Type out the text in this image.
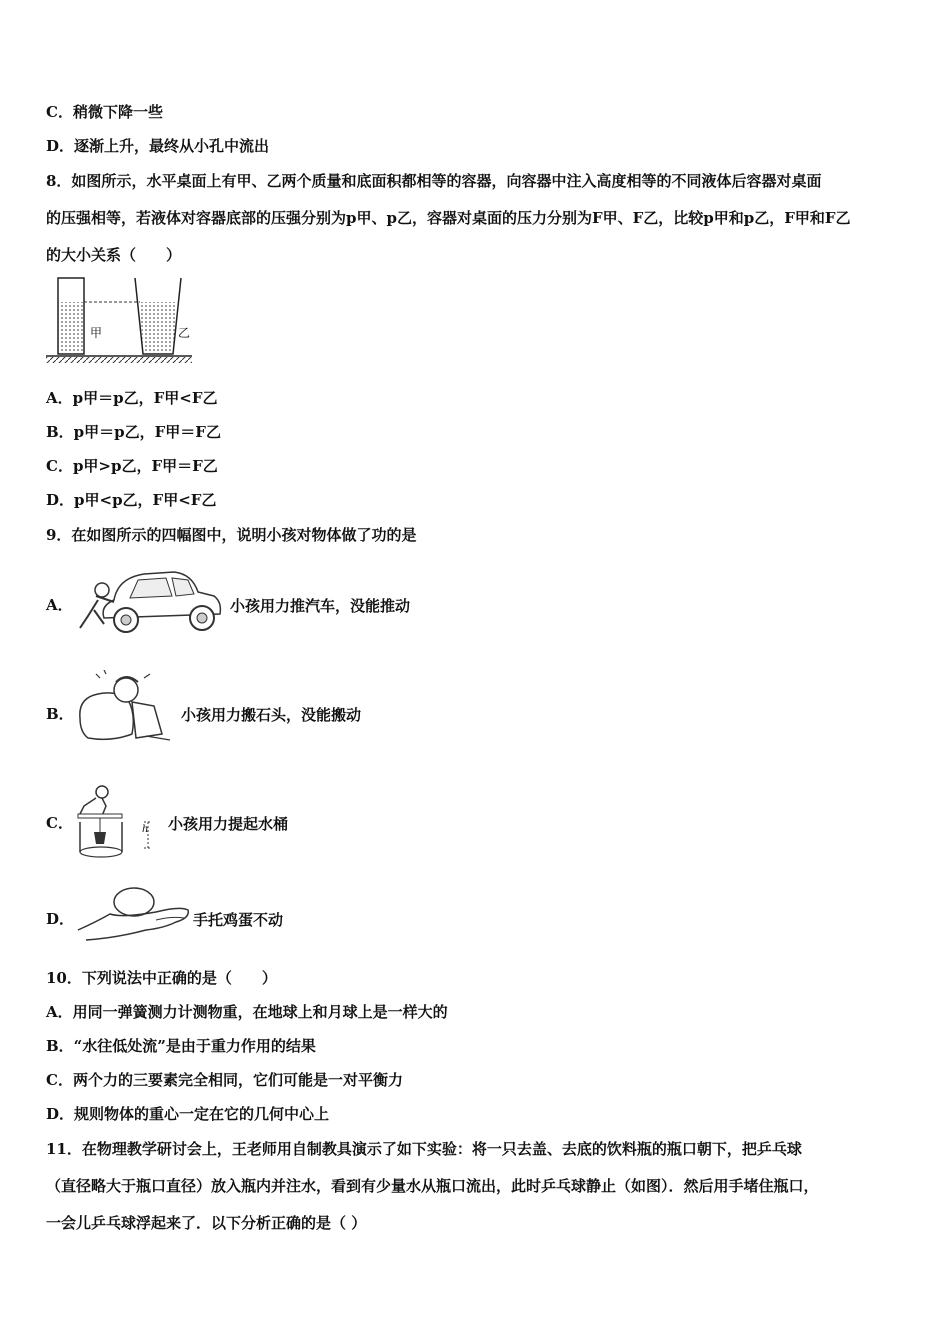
C．稍微下降一些
D．逐渐上升，最终从小孔中流出
8．如图所示，水平桌面上有甲、乙两个质量和底面积都相等的容器，向容器中注入高度相等的不同液体后容器对桌面
的压强相等，若液体对容器底部的压强分别为p甲、p乙，容器对桌面的压力分别为F甲、F乙，比较p甲和p乙，F甲和F乙
的大小关系（　　）
甲	乙
A．p甲＝p乙，F甲<F乙
B．p甲＝p乙，F甲＝F乙
C．p甲>p乙，F甲＝F乙
D．p甲<p乙，F甲<F乙
9．在如图所示的四幅图中，说明小孩对物体做了功的是
A．	小孩用力推汽车，没能推动
B．	小孩用力搬石头，没能搬动
C．	h 小孩用力提起水桶
D．	手托鸡蛋不动
10．下列说法中正确的是（　　）
A．用同一弹簧测力计测物重，在地球上和月球上是一样大的
B．“水往低处流”是由于重力作用的结果
C．两个力的三要素完全相同，它们可能是一对平衡力
D．规则物体的重心一定在它的几何中心上
11．在物理教学研讨会上，王老师用自制教具演示了如下实验：将一只去盖、去底的饮料瓶的瓶口朝下，把乒乓球
（直径略大于瓶口直径）放入瓶内并注水，看到有少量水从瓶口流出，此时乒乓球静止（如图）．然后用手堵住瓶口，
一会儿乒乓球浮起来了．以下分析正确的是（ ）
